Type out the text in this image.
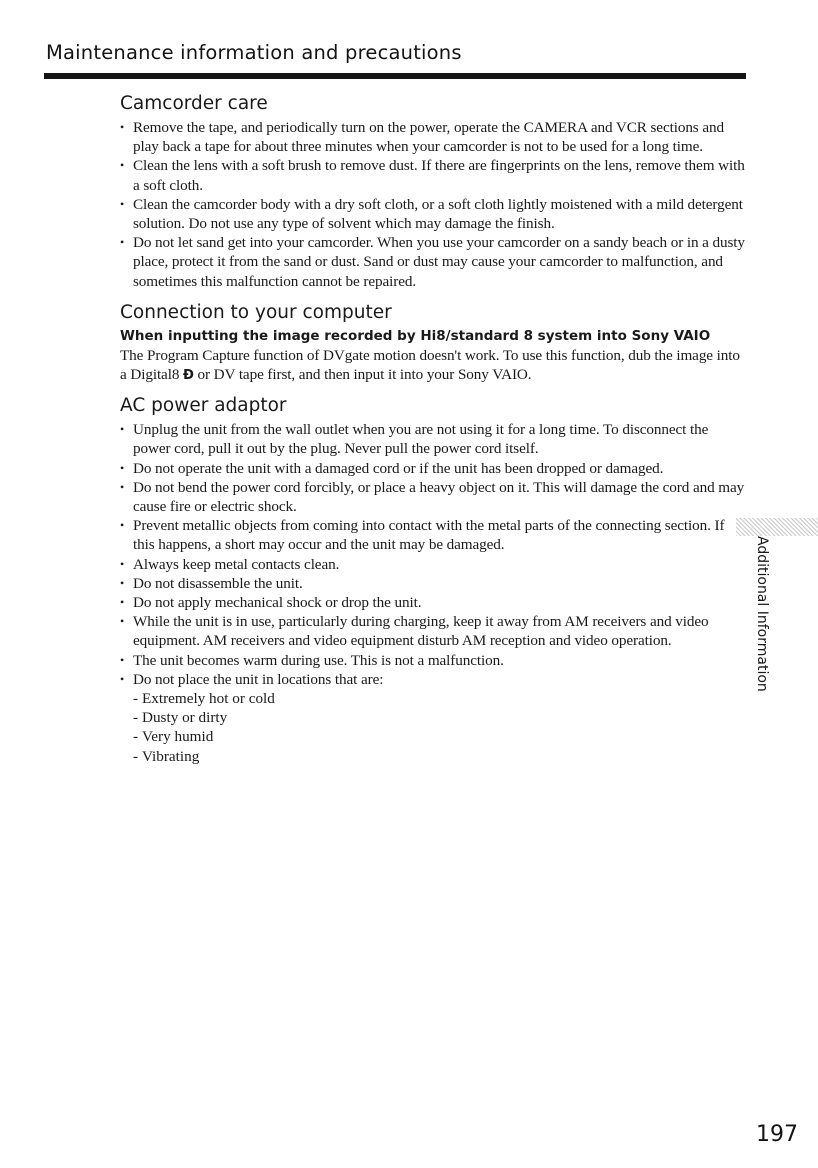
Maintenance information and precautions
Camcorder care
• Remove the tape, and periodically turn on the power, operate the CAMERA and VCR sections and play back a tape for about three minutes when your camcorder is not to be used for a long time.
• Clean the lens with a soft brush to remove dust. If there are fingerprints on the lens, remove them with a soft cloth.
• Clean the camcorder body with a dry soft cloth, or a soft cloth lightly moistened with a mild detergent solution. Do not use any type of solvent which may damage the finish.
• Do not let sand get into your camcorder. When you use your camcorder on a sandy beach or in a dusty place, protect it from the sand or dust. Sand or dust may cause your camcorder to malfunction, and sometimes this malfunction cannot be repaired.
Connection to your computer
When inputting the image recorded by Hi8/standard 8 system into Sony VAIO
The Program Capture function of DVgate motion doesn't work. To use this function, dub the image into a Digital8 Ð or DV tape first, and then input it into your Sony VAIO.
AC power adaptor
• Unplug the unit from the wall outlet when you are not using it for a long time. To disconnect the power cord, pull it out by the plug. Never pull the power cord itself.
• Do not operate the unit with a damaged cord or if the unit has been dropped or damaged.
• Do not bend the power cord forcibly, or place a heavy object on it. This will damage the cord and may cause fire or electric shock.
• Prevent metallic objects from coming into contact with the metal parts of the connecting section. If this happens, a short may occur and the unit may be damaged.
• Always keep metal contacts clean.
• Do not disassemble the unit.
• Do not apply mechanical shock or drop the unit.
• While the unit is in use, particularly during charging, keep it away from AM receivers and video equipment. AM receivers and video equipment disturb AM reception and video operation.
• The unit becomes warm during use. This is not a malfunction.
• Do not place the unit in locations that are:
- Extremely hot or cold
- Dusty or dirty
- Very humid
- Vibrating
Additional Information
197
